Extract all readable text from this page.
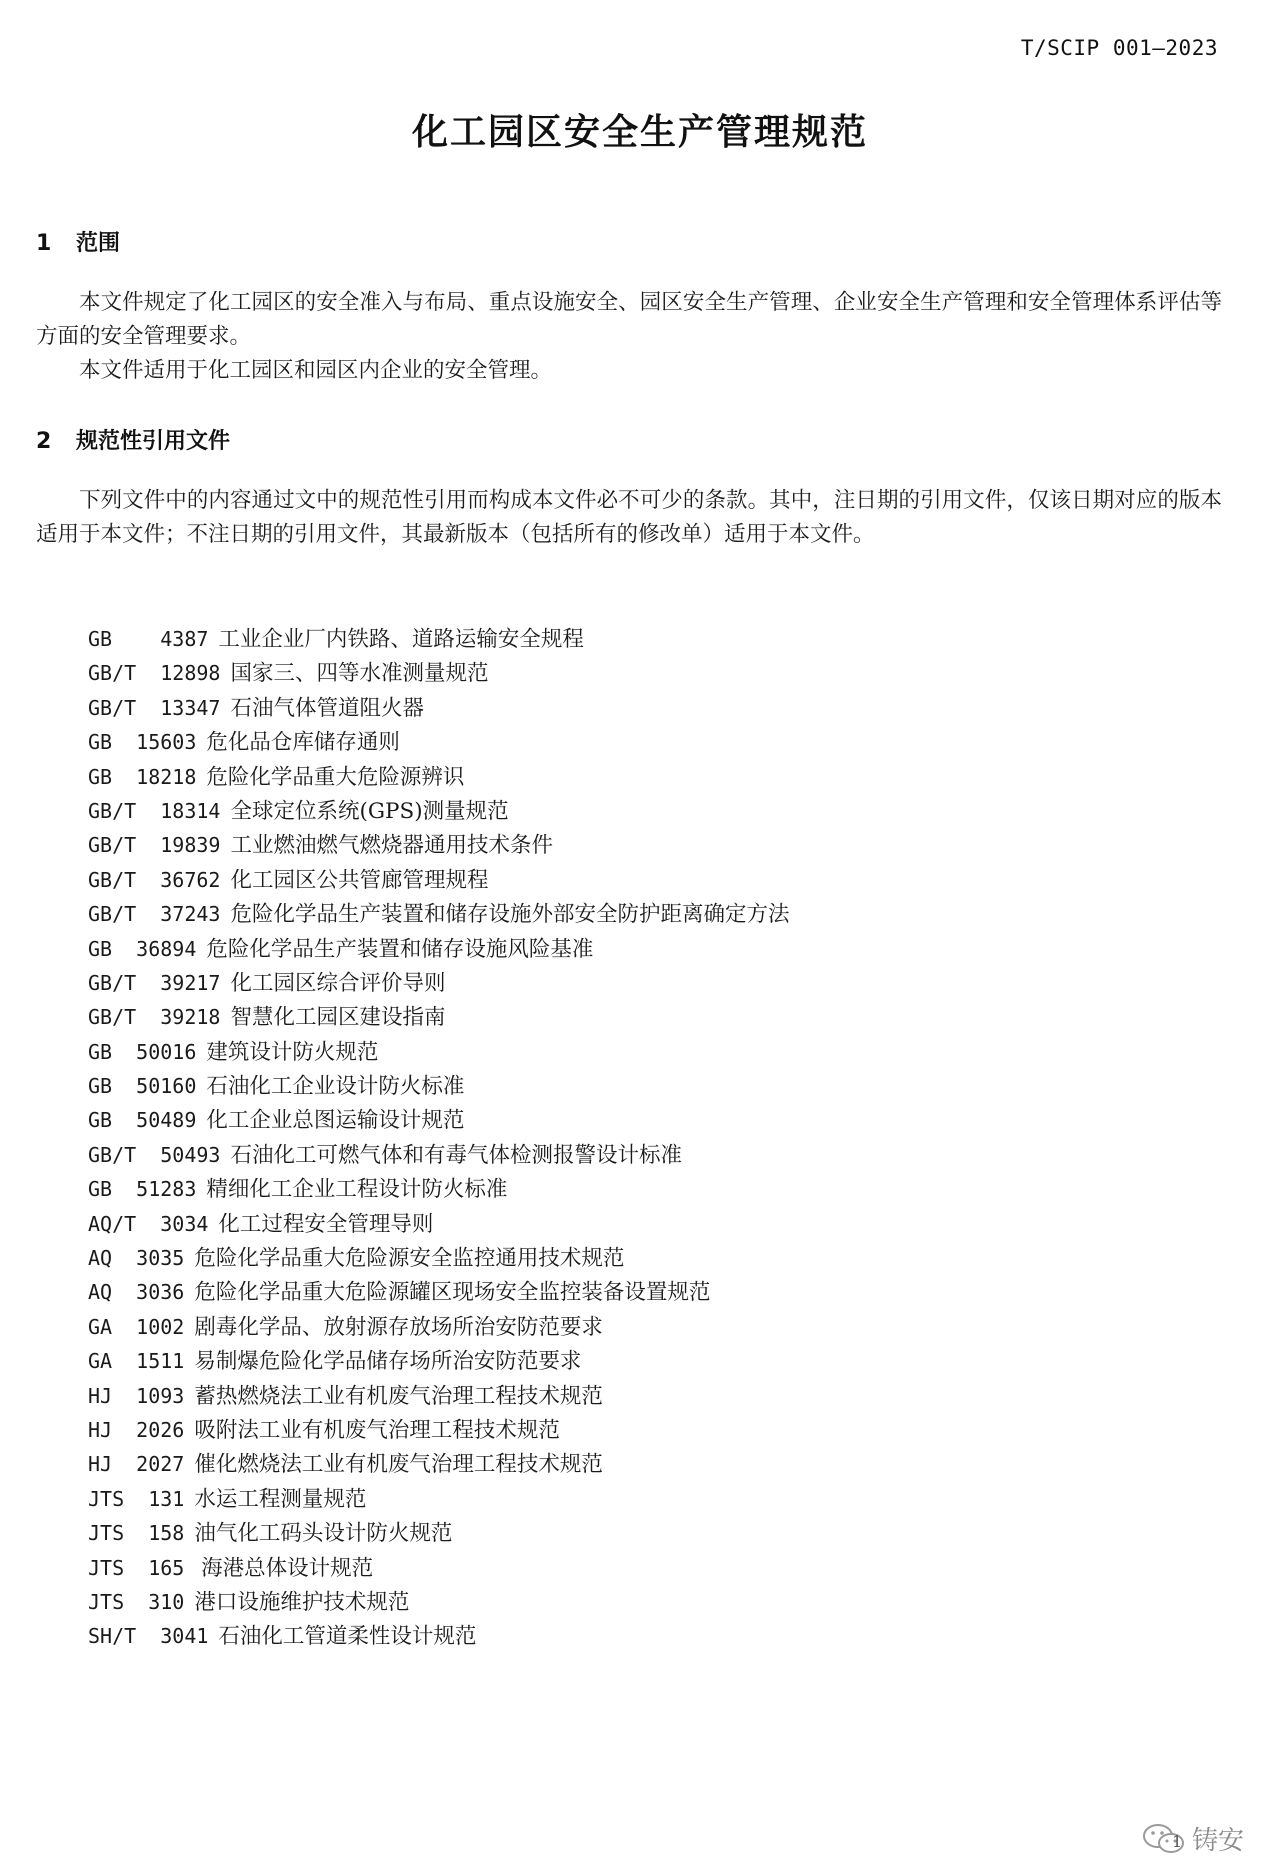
T/SCIP 001—2023
化工园区安全生产管理规范
1 范围

本文件规定了化工园区的安全准入与布局、重点设施安全、园区安全生产管理、企业安全生产管理和安全管理体系评估等方面的安全管理要求。

本文件适用于化工园区和园区内企业的安全管理。

2 规范性引用文件

下列文件中的内容通过文中的规范性引用而构成本文件必不可少的条款。其中，注日期的引用文件，仅该日期对应的版本适用于本文件；不注日期的引用文件，其最新版本（包括所有的修改单）适用于本文件。

GB    4387 工业企业厂内铁路、道路运输安全规程
GB/T  12898 国家三、四等水准测量规范
GB/T  13347 石油气体管道阻火器
GB  15603 危化品仓库储存通则
GB  18218 危险化学品重大危险源辨识
GB/T  18314 全球定位系统(GPS)测量规范
GB/T  19839 工业燃油燃气燃烧器通用技术条件
GB/T  36762 化工园区公共管廊管理规程
GB/T  37243 危险化学品生产装置和储存设施外部安全防护距离确定方法
GB  36894 危险化学品生产装置和储存设施风险基准
GB/T  39217 化工园区综合评价导则
GB/T  39218 智慧化工园区建设指南
GB  50016 建筑设计防火规范
GB  50160 石油化工企业设计防火标准
GB  50489 化工企业总图运输设计规范
GB/T  50493 石油化工可燃气体和有毒气体检测报警设计标准
GB  51283 精细化工企业工程设计防火标准
AQ/T  3034 化工过程安全管理导则
AQ  3035 危险化学品重大危险源安全监控通用技术规范
AQ  3036 危险化学品重大危险源罐区现场安全监控装备设置规范
GA  1002 剧毒化学品、放射源存放场所治安防范要求
GA  1511 易制爆危险化学品储存场所治安防范要求
HJ  1093 蓄热燃烧法工业有机废气治理工程技术规范
HJ  2026 吸附法工业有机废气治理工程技术规范
HJ  2027 催化燃烧法工业有机废气治理工程技术规范
JTS  131 水运工程测量规范
JTS  158 油气化工码头设计防火规范
JTS  165 海港总体设计规范
JTS  310 港口设施维护技术规范
SH/T  3041 石油化工管道柔性设计规范
铸安
1
